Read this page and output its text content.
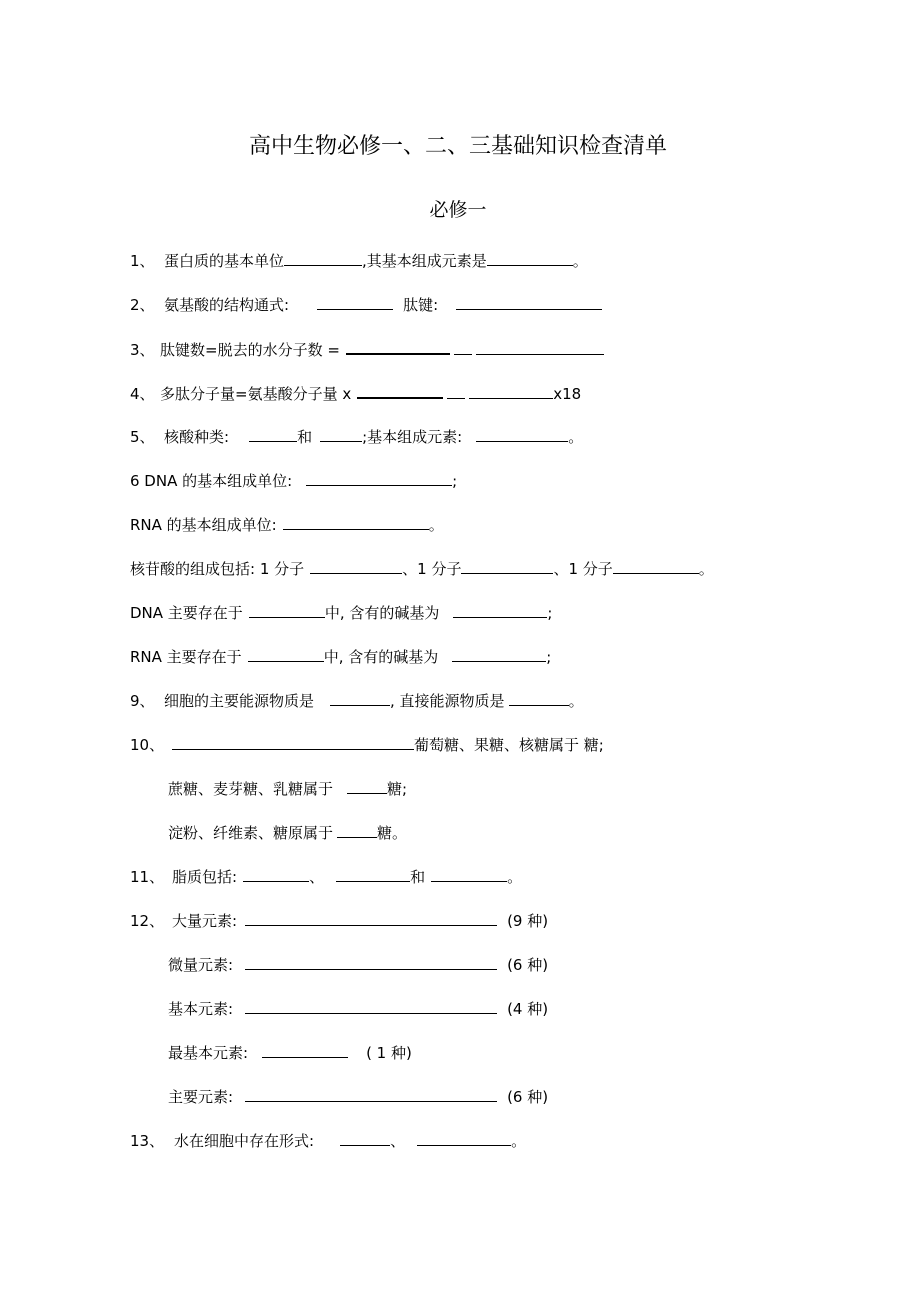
高中生物必修一、二、三基础知识检查清单
必修一
1、 蛋白质的基本单位	,其基本组成元素是	。
2、 氨基酸的结构通式:	肽键:
3、 肽键数=脱去的水分子数 =
4、 多肽分子量=氨基酸分子量 x	x18
5、 核酸种类:	和	;基本组成元素:	。
6 DNA 的基本组成单位:	;
RNA 的基本组成单位:	。
核苷酸的组成包括: 1 分子	、1 分子	、1 分子	。
DNA 主要存在于	中, 含有的碱基为	;
RNA 主要存在于	中, 含有的碱基为	;
9、 细胞的主要能源物质是	, 直接能源物质是	。
10、	葡萄糖、果糖、核糖属于 糖;
蔗糖、麦芽糖、乳糖属于	糖;
淀粉、纤维素、糖原属于	糖。
11、 脂质包括:	、	和	。
12、 大量元素:	(9 种)
微量元素:	(6 种)
基本元素:	(4 种)
最基本元素:	( 1 种)
主要元素:	(6 种)
13、 水在细胞中存在形式:	、	。
